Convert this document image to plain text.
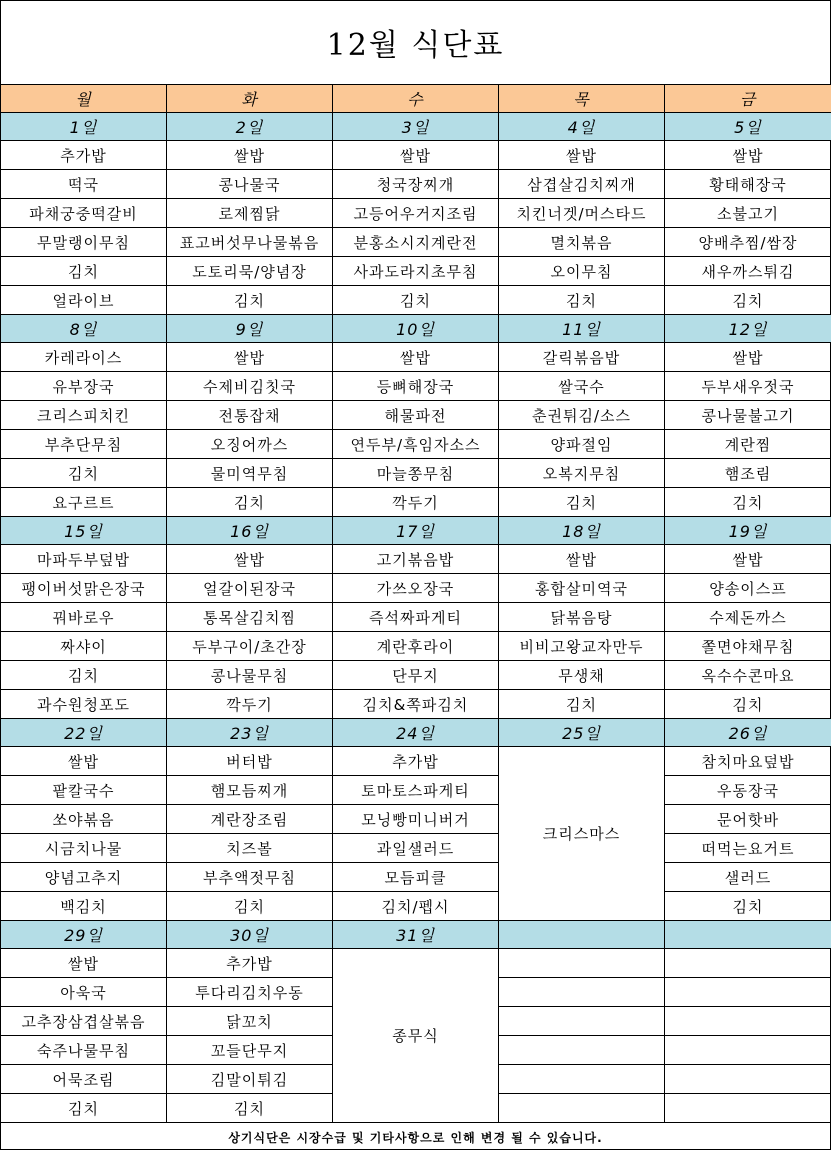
12월 식단표
월	화	수	목	금
1일	2일	3일	4일	5일
추가밥	쌀밥	쌀밥	쌀밥	쌀밥
떡국	콩나물국	청국장찌개	삼겹살김치찌개	황태해장국
파채궁중떡갈비	로제찜닭	고등어우거지조림	치킨너겟/머스타드	소불고기
무말랭이무침	표고버섯무나물볶음	분홍소시지계란전	멸치볶음	양배추찜/쌈장
김치	도토리묵/양념장	사과도라지초무침	오이무침	새우까스튀김
얼라이브	김치	김치	김치	김치
8일	9일	10일	11일	12일
카레라이스	쌀밥	쌀밥	갈릭볶음밥	쌀밥
유부장국	수제비김칫국	등뼈해장국	쌀국수	두부새우젓국
크리스피치킨	전통잡채	해물파전	춘권튀김/소스	콩나물불고기
부추단무침	오징어까스	연두부/흑임자소스	양파절임	계란찜
김치	물미역무침	마늘쫑무침	오복지무침	햄조림
요구르트	김치	깍두기	김치	김치
15일	16일	17일	18일	19일
마파두부덮밥	쌀밥	고기볶음밥	쌀밥	쌀밥
팽이버섯맑은장국	얼갈이된장국	가쓰오장국	홍합살미역국	양송이스프
꿔바로우	통목살김치찜	즉석짜파게티	닭볶음탕	수제돈까스
짜샤이	두부구이/초간장	계란후라이	비비고왕교자만두	쫄면야채무침
김치	콩나물무침	단무지	무생채	옥수수콘마요
과수원청포도	깍두기	김치&쪽파김치	김치	김치
22일	23일	24일	25일	26일
쌀밥	버터밥	추가밥	크리스마스	참치마요덮밥
팥칼국수	햄모듬찌개	토마토스파게티		우동장국
쏘야볶음	계란장조림	모닝빵미니버거		문어핫바
시금치나물	치즈볼	과일샐러드		떠먹는요거트
양념고추지	부추액젓무침	모듬피클		샐러드
백김치	김치	김치/펩시		김치
29일	30일	31일		
쌀밥	추가밥	종무식		
아욱국	투다리김치우동			
고추장삼겹살볶음	닭꼬치			
숙주나물무침	꼬들단무지			
어묵조림	김말이튀김			
김치	김치			
상기식단은 시장수급 및 기타사항으로 인해 변경 될 수 있습니다.
